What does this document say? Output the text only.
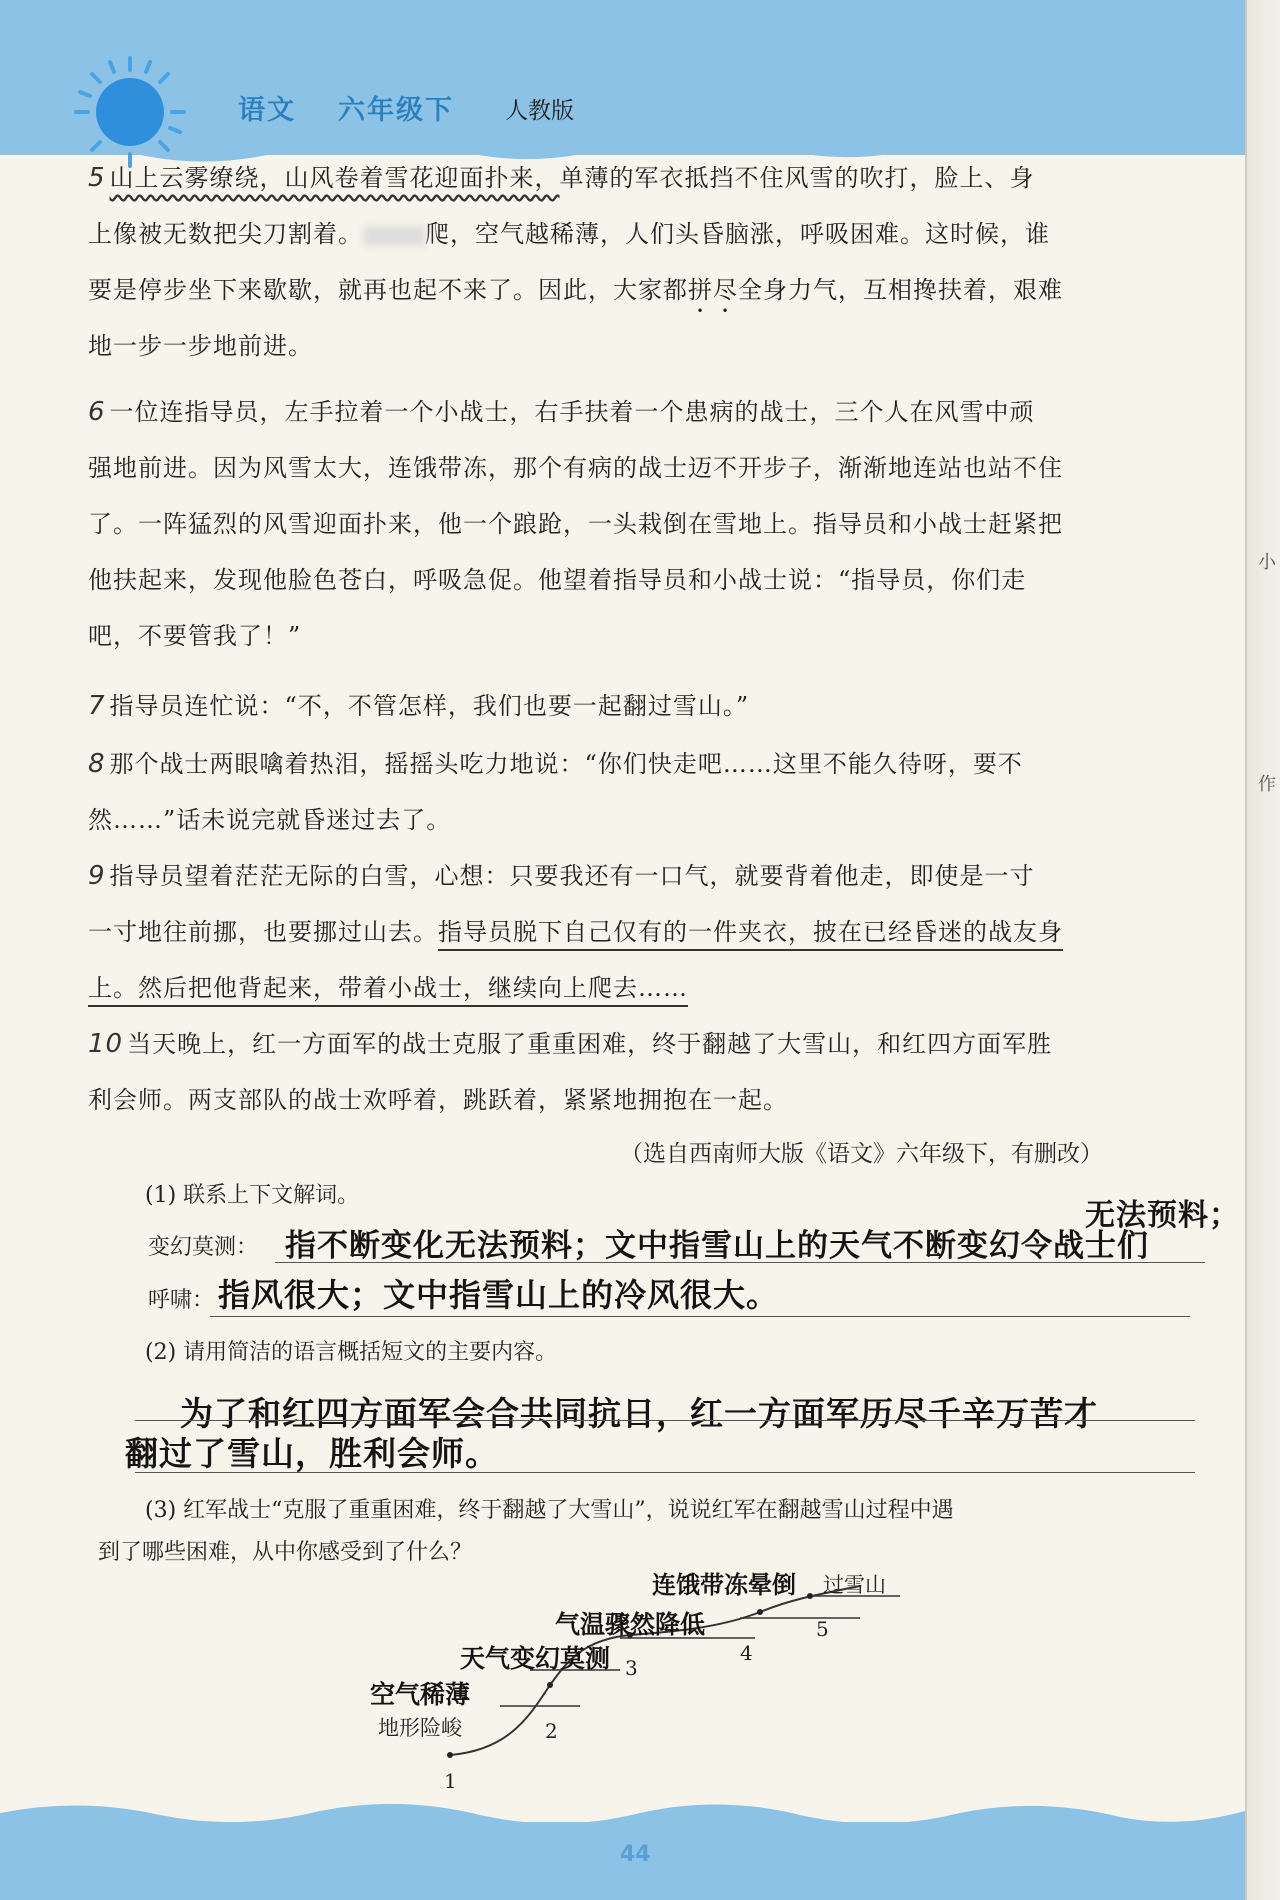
小
作
语文 六年级下 人教版
5 山上云雾缭绕，山风卷着雪花迎面扑来，单薄的军衣抵挡不住风雪的吹打，脸上、身
上像被无数把尖刀割着。	爬，空气越稀薄，人们头昏脑涨，呼吸困难。这时候，谁
要是停步坐下来歇歇，就再也起不来了。因此，大家都拼尽全身力气，互相搀扶着，艰难
地一步一步地前进。
6 一位连指导员，左手拉着一个小战士，右手扶着一个患病的战士，三个人在风雪中顽
强地前进。因为风雪太大，连饿带冻，那个有病的战士迈不开步子，渐渐地连站也站不住
了。一阵猛烈的风雪迎面扑来，他一个踉跄，一头栽倒在雪地上。指导员和小战士赶紧把
他扶起来，发现他脸色苍白，呼吸急促。他望着指导员和小战士说：“指导员，你们走
吧，不要管我了！”
7 指导员连忙说：“不，不管怎样，我们也要一起翻过雪山。”
8 那个战士两眼噙着热泪，摇摇头吃力地说：“你们快走吧……这里不能久待呀，要不
然……”话未说完就昏迷过去了。
9 指导员望着茫茫无际的白雪，心想：只要我还有一口气，就要背着他走，即使是一寸
一寸地往前挪，也要挪过山去。指导员脱下自己仅有的一件夹衣，披在已经昏迷的战友身
上。然后把他背起来，带着小战士，继续向上爬去……
10 当天晚上，红一方面军的战士克服了重重困难，终于翻越了大雪山，和红四方面军胜
利会师。两支部队的战士欢呼着，跳跃着，紧紧地拥抱在一起。
（选自西南师大版《语文》六年级下，有删改）
(1) 联系上下文解词。
无法预料；
变幻莫测： 指不断变化无法预料；文中指雪山上的天气不断变幻令战士们
呼啸： 指风很大；文中指雪山上的冷风很大。
(2) 请用简洁的语言概括短文的主要内容。
为了和红四方面军会合共同抗日，红一方面军历尽千辛万苦才
翻过了雪山，胜利会师。
(3) 红军战士“克服了重重困难，终于翻越了大雪山”，说说红军在翻越雪山过程中遇
到了哪些困难，从中你感受到了什么？
1
2
3
4
5
地形险峻
过雪山
空气稀薄
天气变幻莫测
气温骤然降低
连饿带冻晕倒
44
